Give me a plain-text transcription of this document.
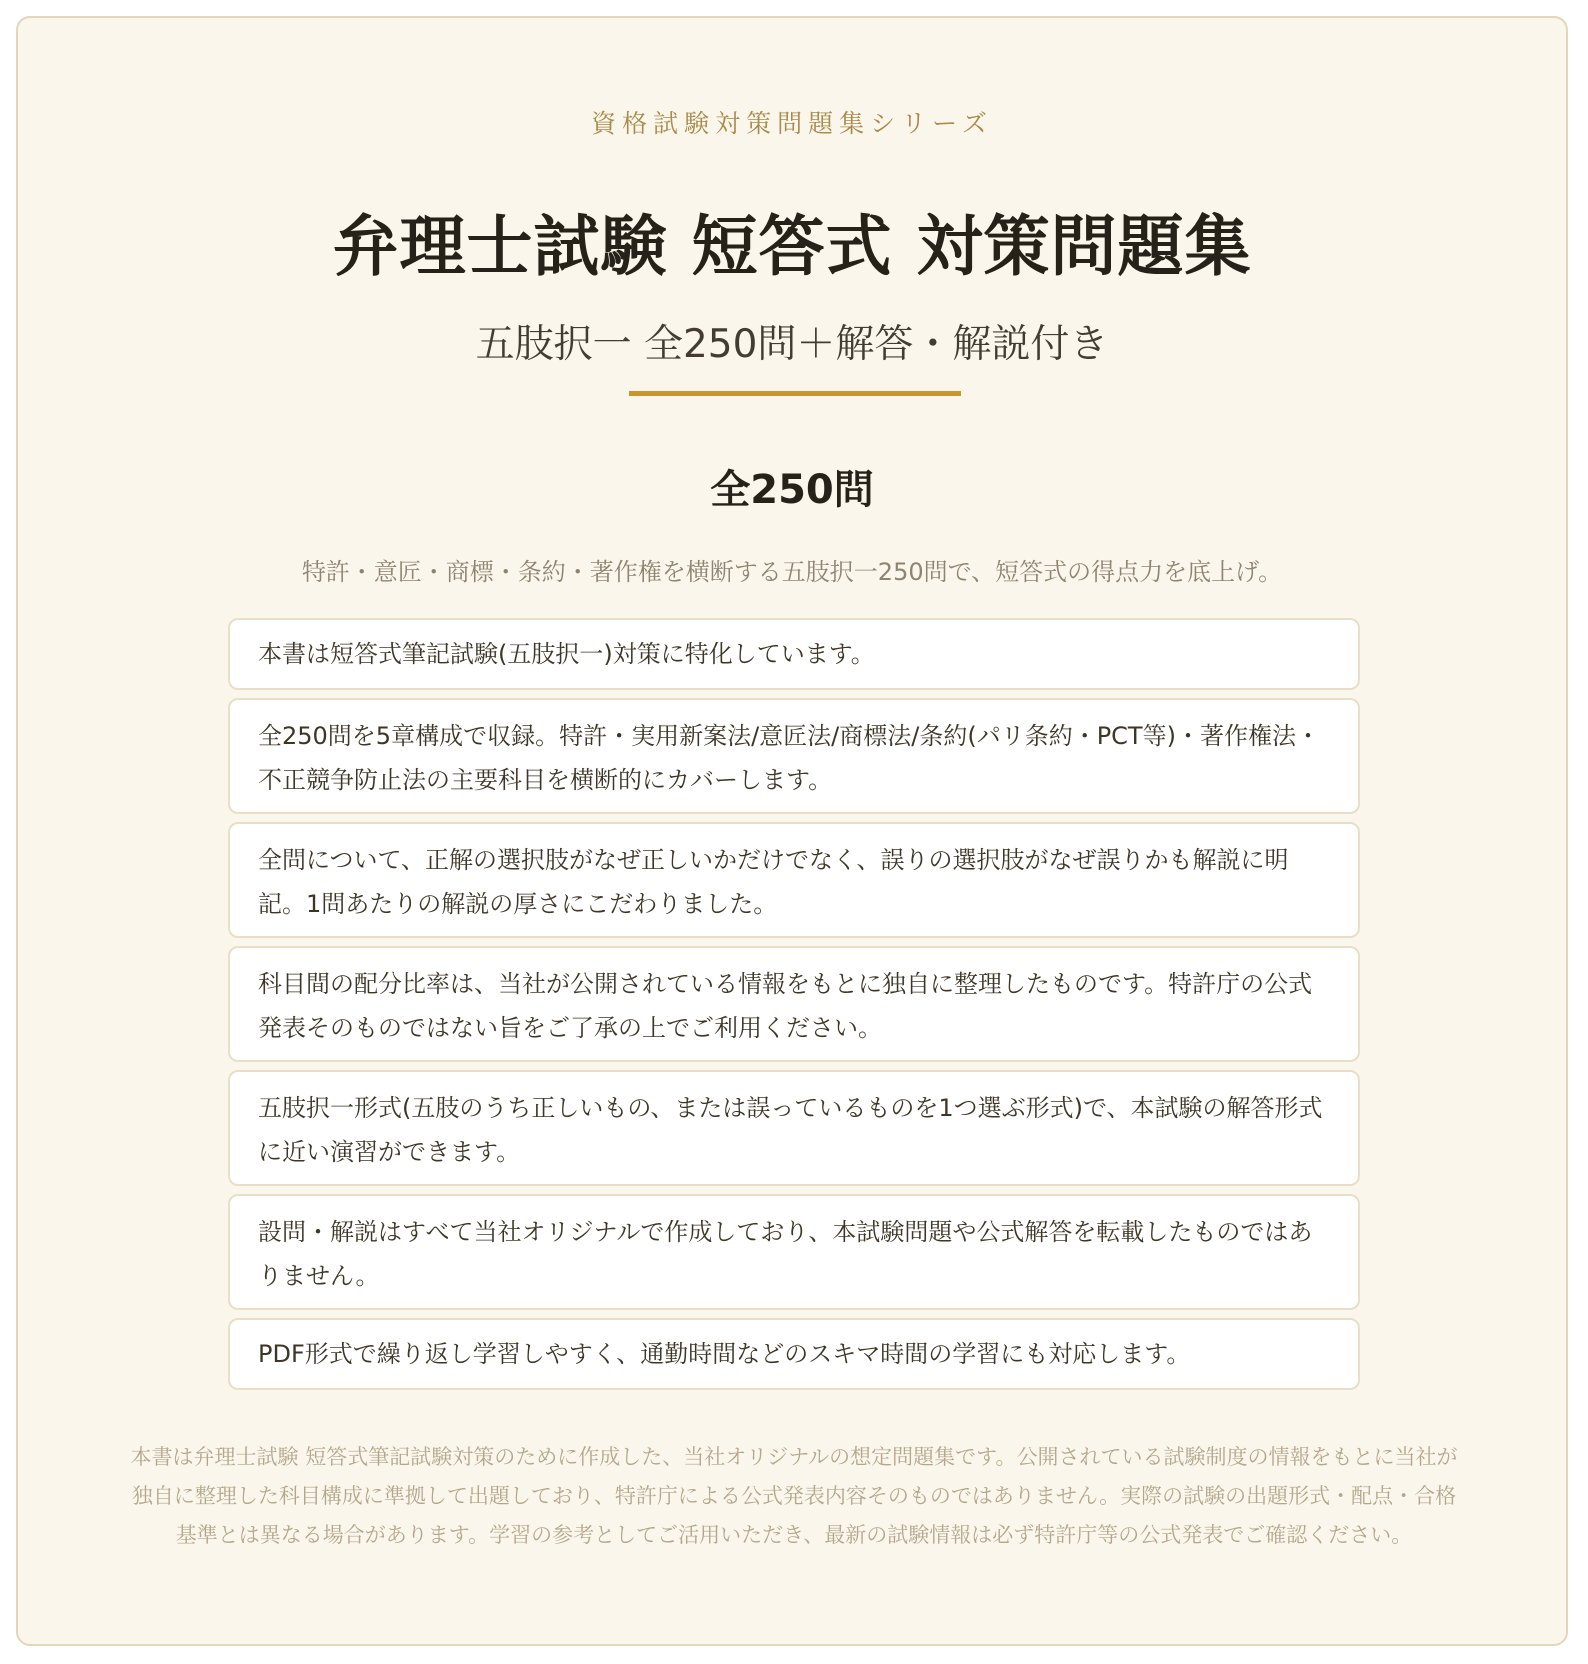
資格試験対策問題集シリーズ
弁理士試験 短答式 対策問題集
五肢択一 全250問＋解答・解説付き
全250問
特許・意匠・商標・条約・著作権を横断する五肢択一250問で、短答式の得点力を底上げ。
本書は短答式筆記試験(五肢択一)対策に特化しています。
全250問を5章構成で収録。特許・実用新案法/意匠法/商標法/条約(パリ条約・PCT等)・著作権法・不正競争防止法の主要科目を横断的にカバーします。
全問について、正解の選択肢がなぜ正しいかだけでなく、誤りの選択肢がなぜ誤りかも解説に明記。1問あたりの解説の厚さにこだわりました。
科目間の配分比率は、当社が公開されている情報をもとに独自に整理したものです。特許庁の公式発表そのものではない旨をご了承の上でご利用ください。
五肢択一形式(五肢のうち正しいもの、または誤っているものを1つ選ぶ形式)で、本試験の解答形式に近い演習ができます。
設問・解説はすべて当社オリジナルで作成しており、本試験問題や公式解答を転載したものではありません。
PDF形式で繰り返し学習しやすく、通勤時間などのスキマ時間の学習にも対応します。
本書は弁理士試験 短答式筆記試験対策のために作成した、当社オリジナルの想定問題集です。公開されている試験制度の情報をもとに当社が独自に整理した科目構成に準拠して出題しており、特許庁による公式発表内容そのものではありません。実際の試験の出題形式・配点・合格基準とは異なる場合があります。学習の参考としてご活用いただき、最新の試験情報は必ず特許庁等の公式発表でご確認ください。
